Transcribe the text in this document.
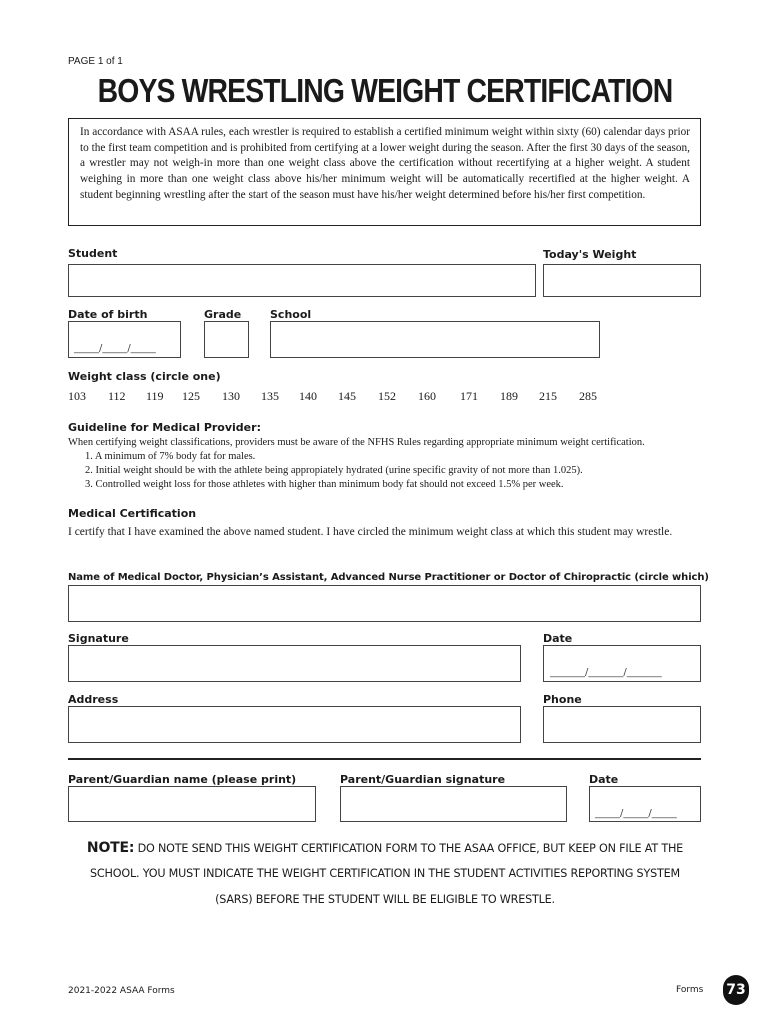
PAGE 1 of 1
BOYS WRESTLING WEIGHT CERTIFICATION
In accordance with ASAA rules, each wrestler is required to establish a certified minimum weight within sixty (60) calendar days prior to the first team competition and is prohibited from certifying at a lower weight during the season. After the first 30 days of the season, a wrestler may not weigh-in more than one weight class above the certification without recertifying at a higher weight. A student weighing in more than one weight class above his/her minimum weight will be automatically recertified at the higher weight. A student beginning wrestling after the start of the season must have his/her weight determined before his/her first competition.
Student	Today's Weight
Date of birth	Grade	School
_____/_____/_____
Weight class (circle one)
103 112 119 125 130 135 140 145 152 160 171 189 215 285
Guideline for Medical Provider:
When certifying weight classifications, providers must be aware of the NFHS Rules regarding appropriate minimum weight certification.
1. A minimum of 7% body fat for males.
2. Initial weight should be with the athlete being appropiately hydrated (urine specific gravity of not more than 1.025).
3. Controlled weight loss for those athletes with higher than minimum body fat should not exceed 1.5% per week.
Medical Certification
I certify that I have examined the above named student. I have circled the minimum weight class at which this student may wrestle.
Name of Medical Doctor, Physician’s Assistant, Advanced Nurse Practitioner or Doctor of Chiropractic (circle which)
Signature	Date
_______/_______/_______
Address	Phone
Parent/Guardian name (please print)	Parent/Guardian signature	Date
_____/_____/_____
NOTE: DO NOTE SEND THIS WEIGHT CERTIFICATION FORM TO THE ASAA OFFICE, BUT KEEP ON FILE AT THE
SCHOOL. YOU MUST INDICATE THE WEIGHT CERTIFICATION IN THE STUDENT ACTIVITIES REPORTING SYSTEM
(SARS) BEFORE THE STUDENT WILL BE ELIGIBLE TO WRESTLE.
2021-2022 ASAA Forms	Forms 73
